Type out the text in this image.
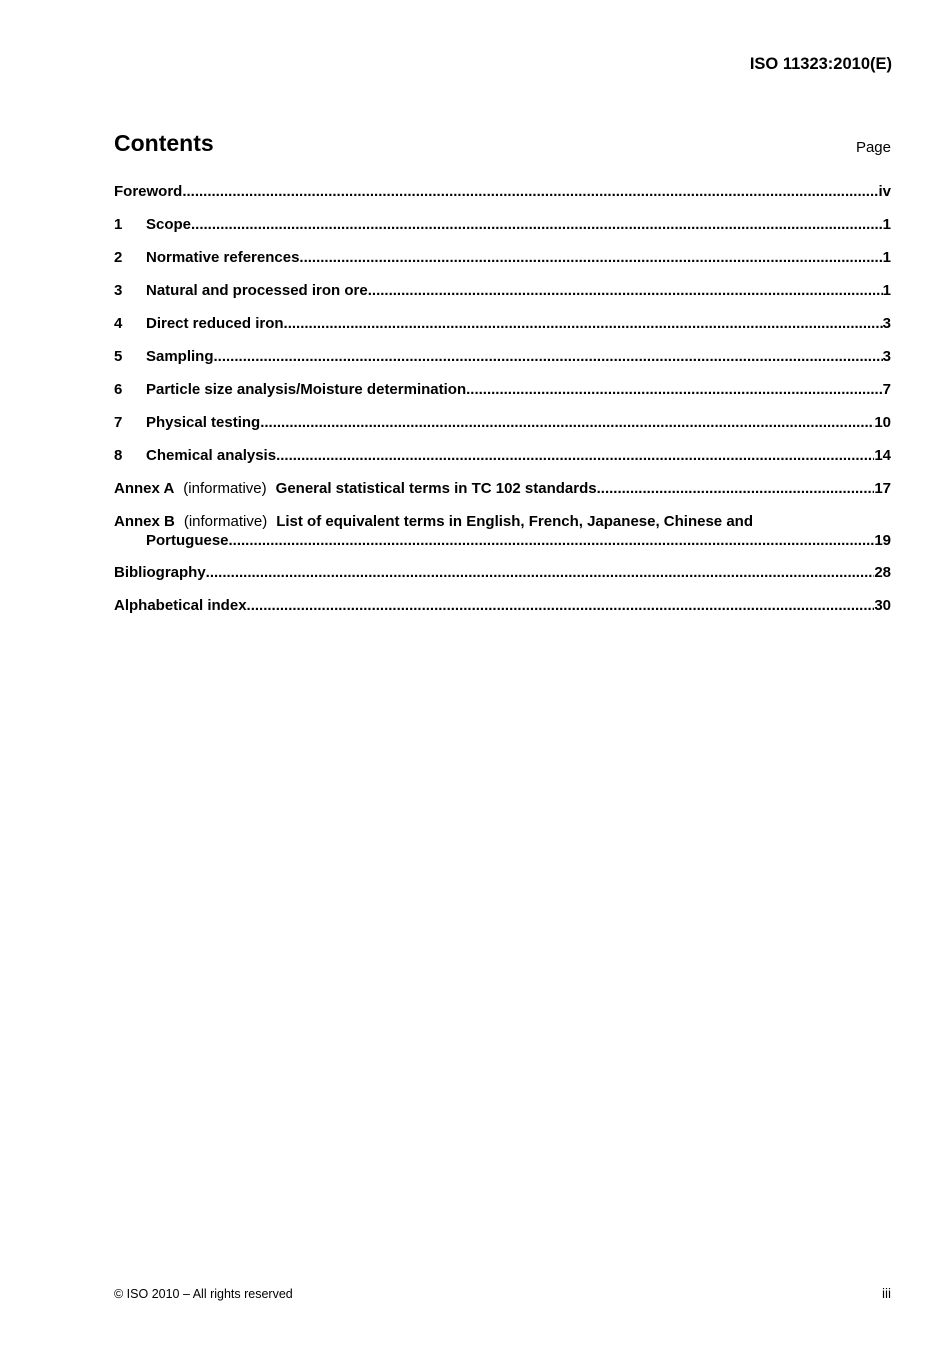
ISO 11323:2010(E)
Contents	Page
Foreword .....	iv
1	Scope .....	1
2	Normative references .....	1
3	Natural and processed iron ore .....	1
4	Direct reduced iron .....	3
5	Sampling .....	3
6	Particle size analysis/Moisture determination .....	7
7	Physical testing .....	10
8	Chemical analysis .....	14
Annex A (informative) General statistical terms in TC 102 standards .....	17
Annex B (informative) List of equivalent terms in English, French, Japanese, Chinese and
Portuguese .....	19
Bibliography .....	28
Alphabetical index .....	30
© ISO 2010 – All rights reserved	iii
